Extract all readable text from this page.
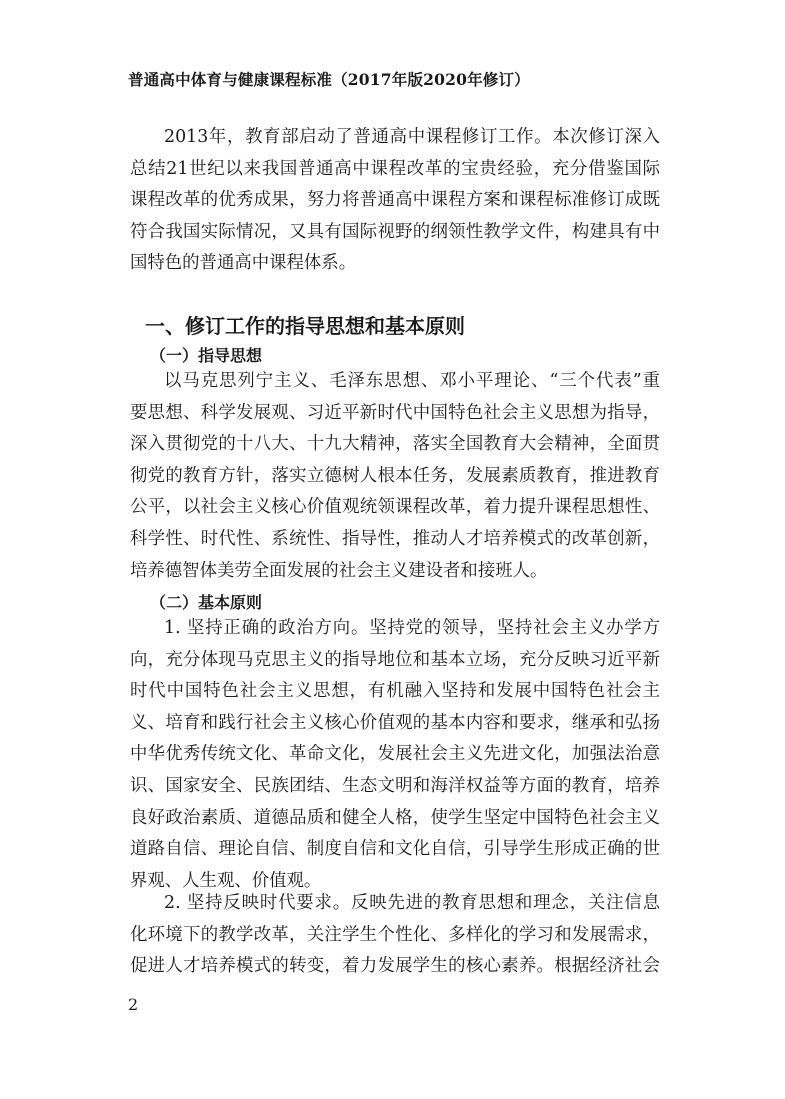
普通高中体育与健康课程标准（2017年版2020年修订）

2013年，教育部启动了普通高中课程修订工作。本次修订深入
总结21世纪以来我国普通高中课程改革的宝贵经验，充分借鉴国际
课程改革的优秀成果，努力将普通高中课程方案和课程标准修订成既
符合我国实际情况，又具有国际视野的纲领性教学文件，构建具有中
国特色的普通高中课程体系。

一、修订工作的指导思想和基本原则
（一）指导思想

以马克思列宁主义、毛泽东思想、邓小平理论、“三个代表”重
要思想、科学发展观、习近平新时代中国特色社会主义思想为指导，
深入贯彻党的十八大、十九大精神，落实全国教育大会精神，全面贯
彻党的教育方针，落实立德树人根本任务，发展素质教育，推进教育
公平，以社会主义核心价值观统领课程改革，着力提升课程思想性、
科学性、时代性、系统性、指导性，推动人才培养模式的改革创新，
培养德智体美劳全面发展的社会主义建设者和接班人。

（二）基本原则

1. 坚持正确的政治方向。坚持党的领导，坚持社会主义办学方
向，充分体现马克思主义的指导地位和基本立场，充分反映习近平新
时代中国特色社会主义思想，有机融入坚持和发展中国特色社会主
义、培育和践行社会主义核心价值观的基本内容和要求，继承和弘扬
中华优秀传统文化、革命文化，发展社会主义先进文化，加强法治意
识、国家安全、民族团结、生态文明和海洋权益等方面的教育，培养
良好政治素质、道德品质和健全人格，使学生坚定中国特色社会主义
道路自信、理论自信、制度自信和文化自信，引导学生形成正确的世
界观、人生观、价值观。

2. 坚持反映时代要求。反映先进的教育思想和理念，关注信息
化环境下的教学改革，关注学生个性化、多样化的学习和发展需求，
促进人才培养模式的转变，着力发展学生的核心素养。根据经济社会

2
